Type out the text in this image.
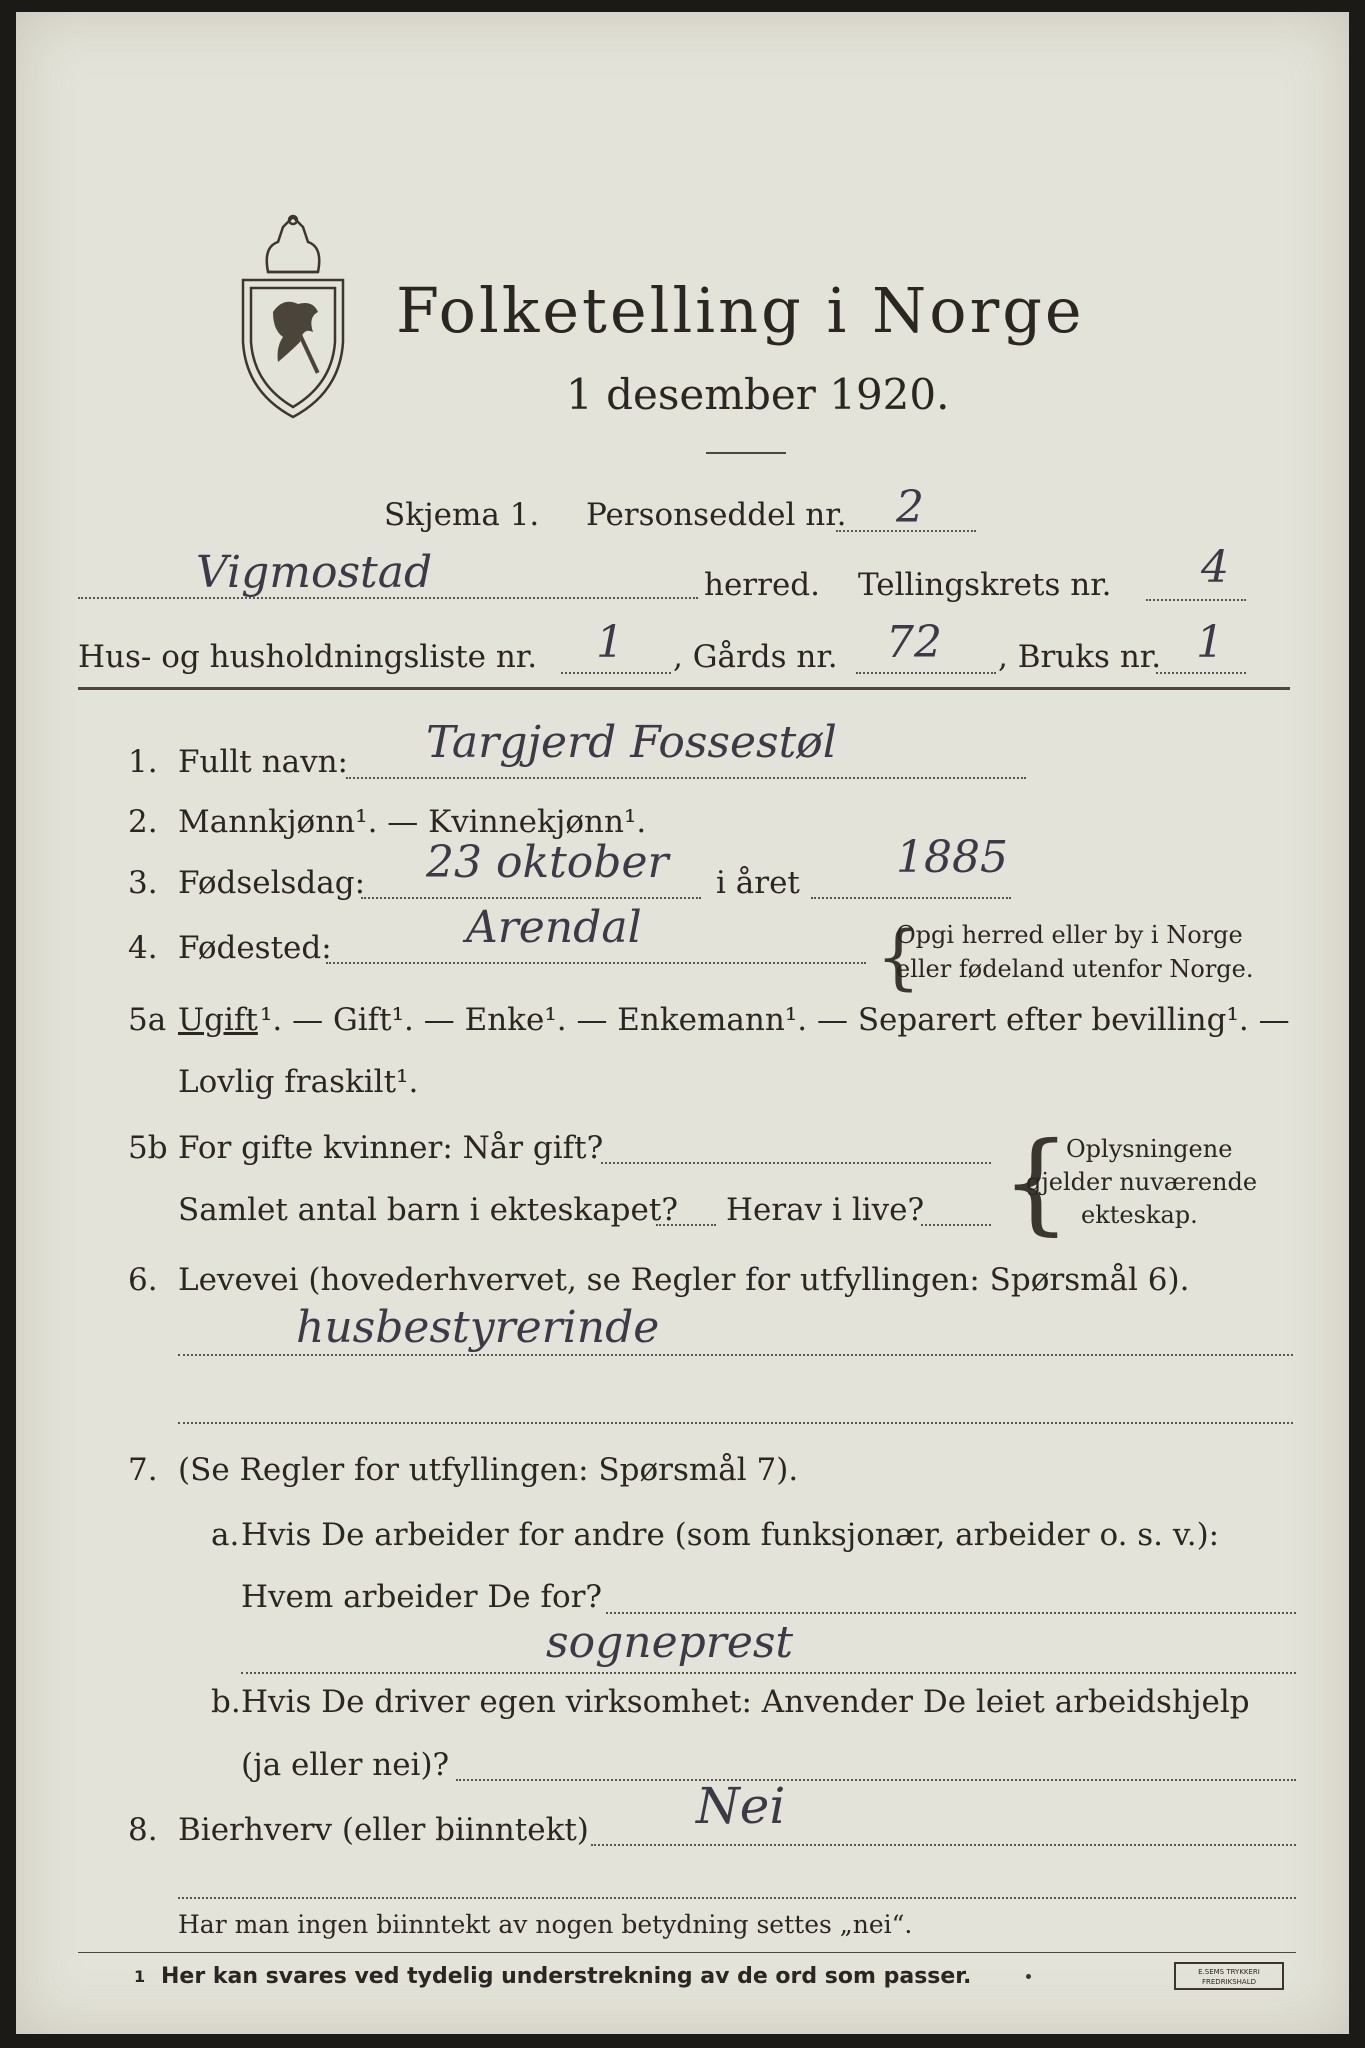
Folketelling i Norge
1 desember 1920.
Skjema 1. Personseddel nr. 2
Vigmostad	herred. Tellingskrets nr. 4
Hus- og husholdningsliste nr. 1 , Gårds nr. 72 , Bruks nr. 1
1. Fullt navn: Targjerd Fossestøl
2. Mannkjønn¹. — Kvinnekjønn¹.
3. Fødselsdag: 23 oktober i året 1885
4. Fødested:	Arendal	{
Opgi herred eller by i Norge
eller fødeland utenfor Norge.
5a Ugift ¹. — Gift¹. — Enke¹. — Enkemann¹. — Separert efter bevilling¹. —
Lovlig fraskilt¹.
5b For gifte kvinner: Når gift?
Samlet antal barn i ekteskapet? Herav i live? {
Oplysningene
gjelder nuværende
ekteskap.
6. Levevei (hovederhvervet, se Regler for utfyllingen: Spørsmål 6).
husbestyrerinde
7. (Se Regler for utfyllingen: Spørsmål 7).
a. Hvis De arbeider for andre (som funksjonær, arbeider o. s. v.):
Hvem arbeider De for?
sogneprest
b. Hvis De driver egen virksomhet: Anvender De leiet arbeidshjelp
(ja eller nei)?
8. Bierhverv (eller biinntekt) Nei
Har man ingen biinntekt av nogen betydning settes „nei“.
1 Her kan svares ved tydelig understrekning av de ord som passer.	E.SEMS TRYKKERI
FREDRIKSHALD
